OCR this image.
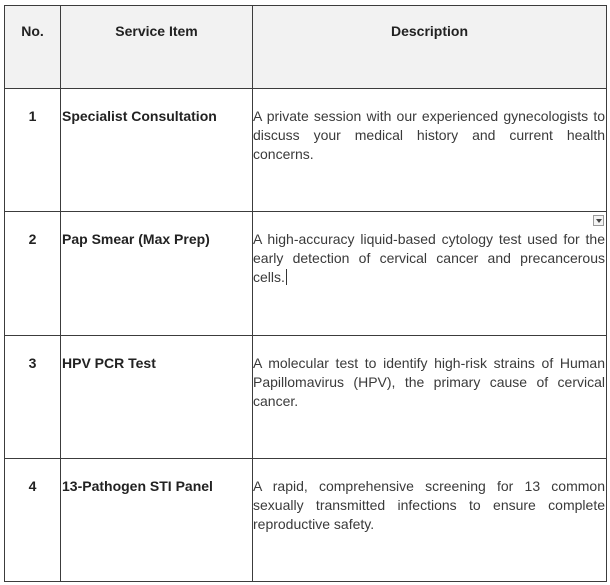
No.	Service Item	Description

1	Specialist Consultation	A private session with our experienced gynecologists to discuss your medical history and current health concerns.

2	Pap Smear (Max Prep)	A high-accuracy liquid-based cytology test used for the early detection of cervical cancer and precancerous cells.

3	HPV PCR Test	A molecular test to identify high-risk strains of Human Papillomavirus (HPV), the primary cause of cervical cancer.

4	13-Pathogen STI Panel	A rapid, comprehensive screening for 13 common sexually transmitted infections to ensure complete reproductive safety.
